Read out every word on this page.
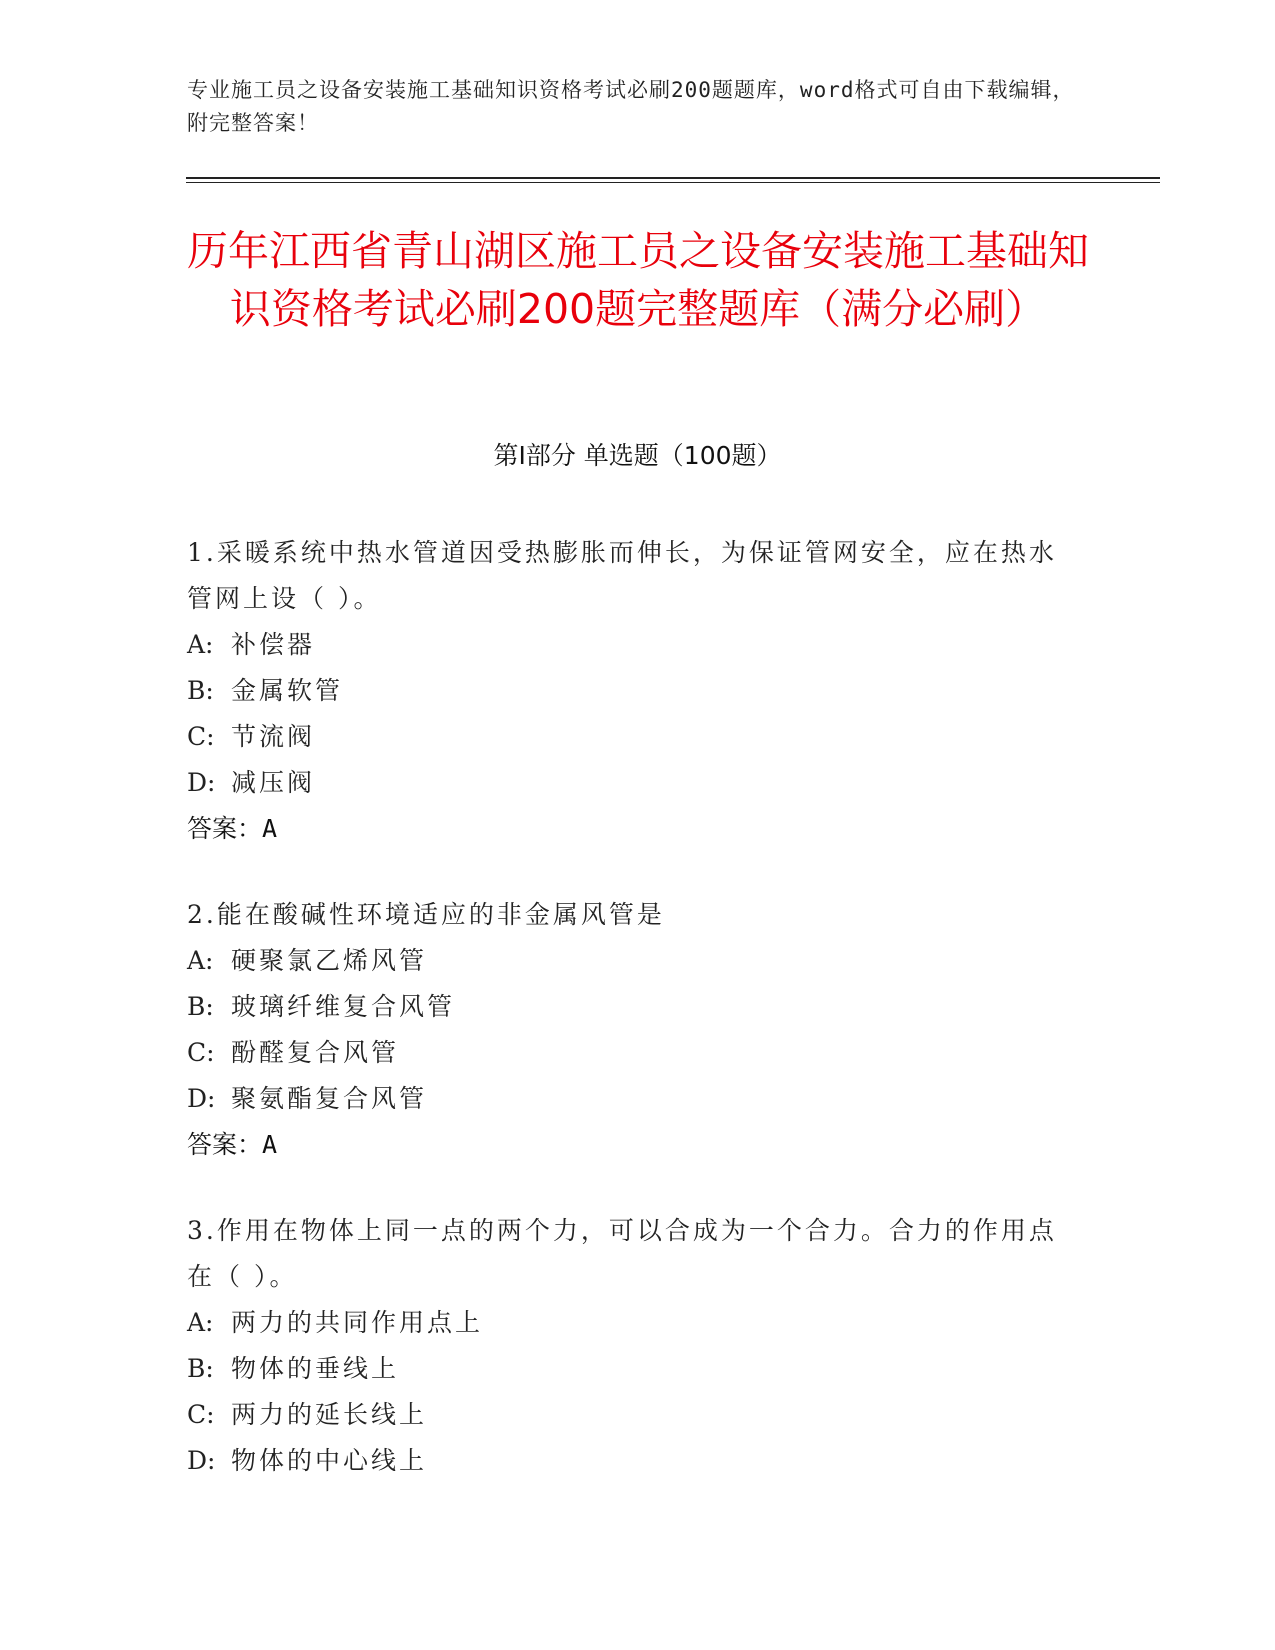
专业施工员之设备安装施工基础知识资格考试必刷200题题库，word格式可自由下载编辑，附完整答案！
历年江西省青山湖区施工员之设备安装施工基础知识资格考试必刷200题完整题库（满分必刷）
第Ⅰ部分 单选题（100题）
1.采暖系统中热水管道因受热膨胀而伸长，为保证管网安全，应在热水管网上设（ ）。
A: 补偿器
B: 金属软管
C: 节流阀
D: 减压阀
答案：A
2.能在酸碱性环境适应的非金属风管是
A: 硬聚氯乙烯风管
B: 玻璃纤维复合风管
C: 酚醛复合风管
D: 聚氨酯复合风管
答案：A
3.作用在物体上同一点的两个力，可以合成为一个合力。合力的作用点在（ ）。
A: 两力的共同作用点上
B: 物体的垂线上
C: 两力的延长线上
D: 物体的中心线上
